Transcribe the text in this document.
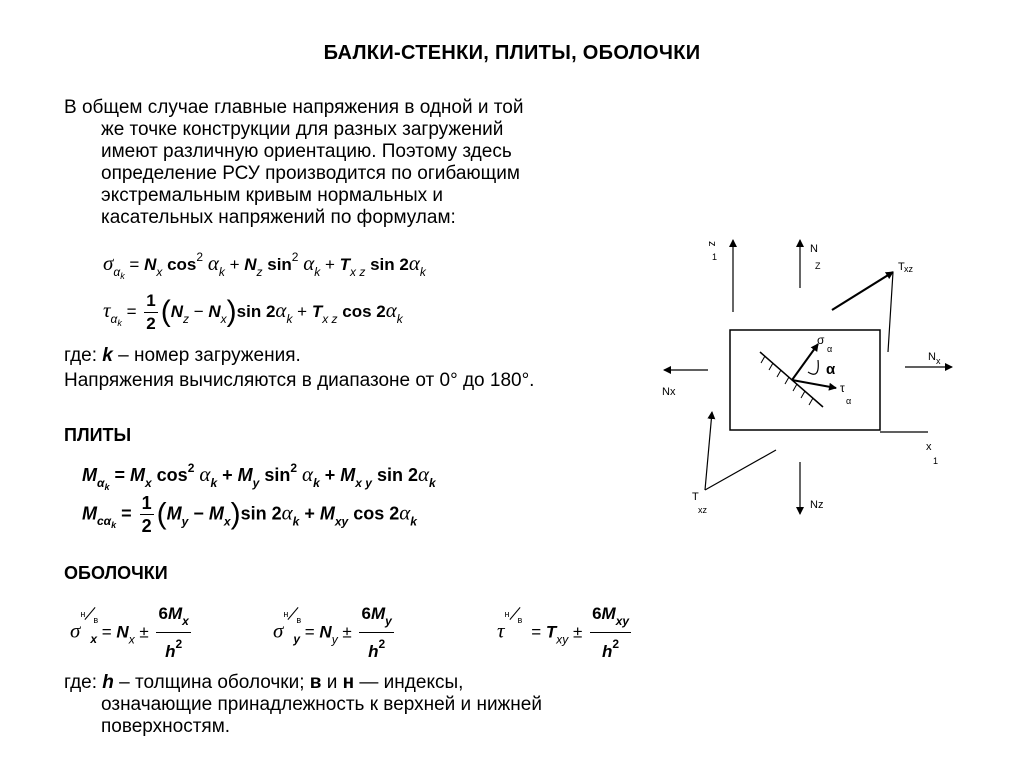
БАЛКИ-СТЕНКИ, ПЛИТЫ, ОБОЛОЧКИ
В общем случае главные напряжения в одной и той
же точке конструкции для разных загружений
имеют различную ориентацию. Поэтому здесь
определение РСУ производится по огибающим
экстремальным кривым нормальных и
касательных напряжений по формулам:
$\sigma_{\alpha_k} = N_x$ $\cos^2 \alpha_k + N_z$ $\sin^2 \alpha_k + T_{x z}$ $\sin 2\alpha_k$
$\tau_{\alpha_k} = \frac{1}{2} (N_z - N_x)\sin$ $2\alpha_k + T_{x z}$ $\cos 2\alpha_k$
где: k – номер загружения.
Напряжения вычисляются в диапазоне от 0° до 180°.
ПЛИТЫ
$M_{\alpha_k} = M_x$ $\cos^2 \alpha_k + M_y$ $\sin^2 \alpha_k + M_{x y}$ $\sin 2\alpha_k$
$M_{c\alpha_k} = \frac{1}{2} (M_y - M_x)\sin$ $2\alpha_k + M_{xy}$ $\cos 2\alpha_k$
ОБОЛОЧКИ
σ
н
в
$_x = N_x \pm \frac{6M_x}{h^2}$	σ
н
в
$_y = N_y \pm \frac{6M_y}{h^2}$	τ
н
в
= $T_{xy} \pm \frac{6M_{xy}}{h^2}$
где: h – толщина оболочки; в и н — индексы,
означающие принадлежность к верхней и нижней
поверхностям.
z
1
x
1
N
Z	T xz
N x
Nx
Nz
T
xz
σ
α
τ
α
α
